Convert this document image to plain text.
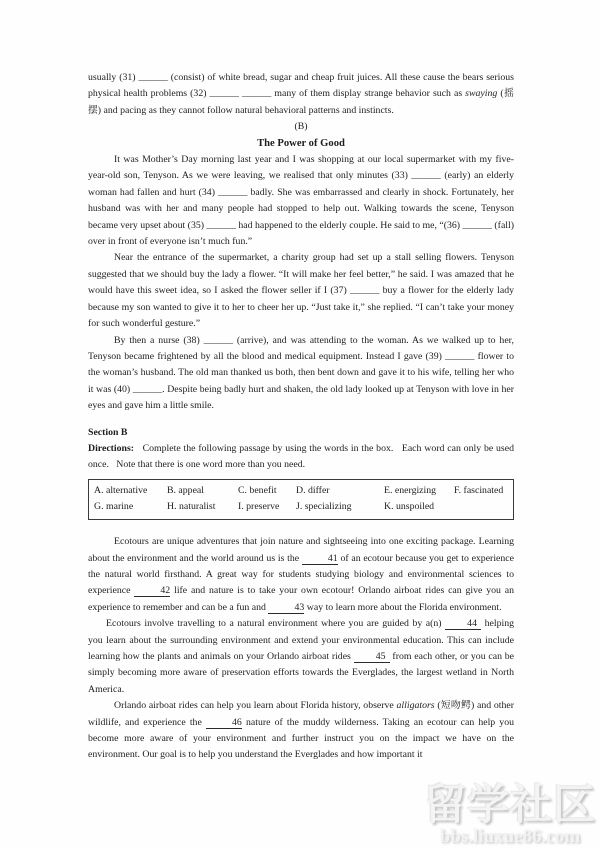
usually (31) ______ (consist) of white bread, sugar and cheap fruit juices. All these cause the bears serious physical health problems (32) ______ ______ many of them display strange behavior such as swaying (摇摆) and pacing as they cannot follow natural behavioral patterns and instincts.

(B)

The Power of Good

It was Mother’s Day morning last year and I was shopping at our local supermarket with my five-year-old son, Tenyson. As we were leaving, we realised that only minutes (33) ______ (early) an elderly woman had fallen and hurt (34) ______ badly. She was embarrassed and clearly in shock. Fortunately, her husband was with her and many people had stopped to help out. Walking towards the scene, Tenyson became very upset about (35) ______ had happened to the elderly couple. He said to me, “(36) ______ (fall) over in front of everyone isn’t much fun.”

Near the entrance of the supermarket, a charity group had set up a stall selling flowers. Tenyson suggested that we should buy the lady a flower. “It will make her feel better,” he said. I was amazed that he would have this sweet idea, so I asked the flower seller if I (37) ______ buy a flower for the elderly lady because my son wanted to give it to her to cheer her up. “Just take it,” she replied. “I can’t take your money for such wonderful gesture.”

By then a nurse (38) ______ (arrive), and was attending to the woman. As we walked up to her, Tenyson became frightened by all the blood and medical equipment. Instead I gave (39) ______ flower to the woman’s husband. The old man thanked us both, then bent down and gave it to his wife, telling her who it was (40) ______. Despite being badly hurt and shaken, the old lady looked up at Tenyson with love in her eyes and gave him a little smile.

Section B

Directions:   Complete the following passage by using the words in the box.   Each word can only be used once.   Note that there is one word more than you need.

A. alternative	B. appeal	C. benefit	D. differ	E. energizing	F. fascinated
G. marine	H. naturalist	I. preserve	J. specializing	K. unspoiled

Ecotours are unique adventures that join nature and sightseeing into one exciting package. Learning about the environment and the world around us is the	41 of an ecotour because you get to experience the natural world firsthand. A great way for students studying biology and environmental sciences to experience	42 life and nature is to take your own ecotour! Orlando airboat rides can give you an experience to remember and can be a fun and	43 way to learn more about the Florida environment.

Ecotours involve travelling to a natural environment where you are guided by a(n) 44 helping you learn about the surrounding environment and extend your environmental education. This can include learning how the plants and animals on your Orlando airboat rides 45 from each other, or you can be simply becoming more aware of preservation efforts towards the Everglades, the largest wetland in North America.

Orlando airboat rides can help you learn about Florida history, observe alligators (短吻鳄) and other wildlife, and experience the	46 nature of the muddy wilderness. Taking an ecotour can help you become more aware of your environment and further instruct you on the impact we have on the environment. Our goal is to help you understand the Everglades and how important it

留学社区
bbs.liuxue86.com
